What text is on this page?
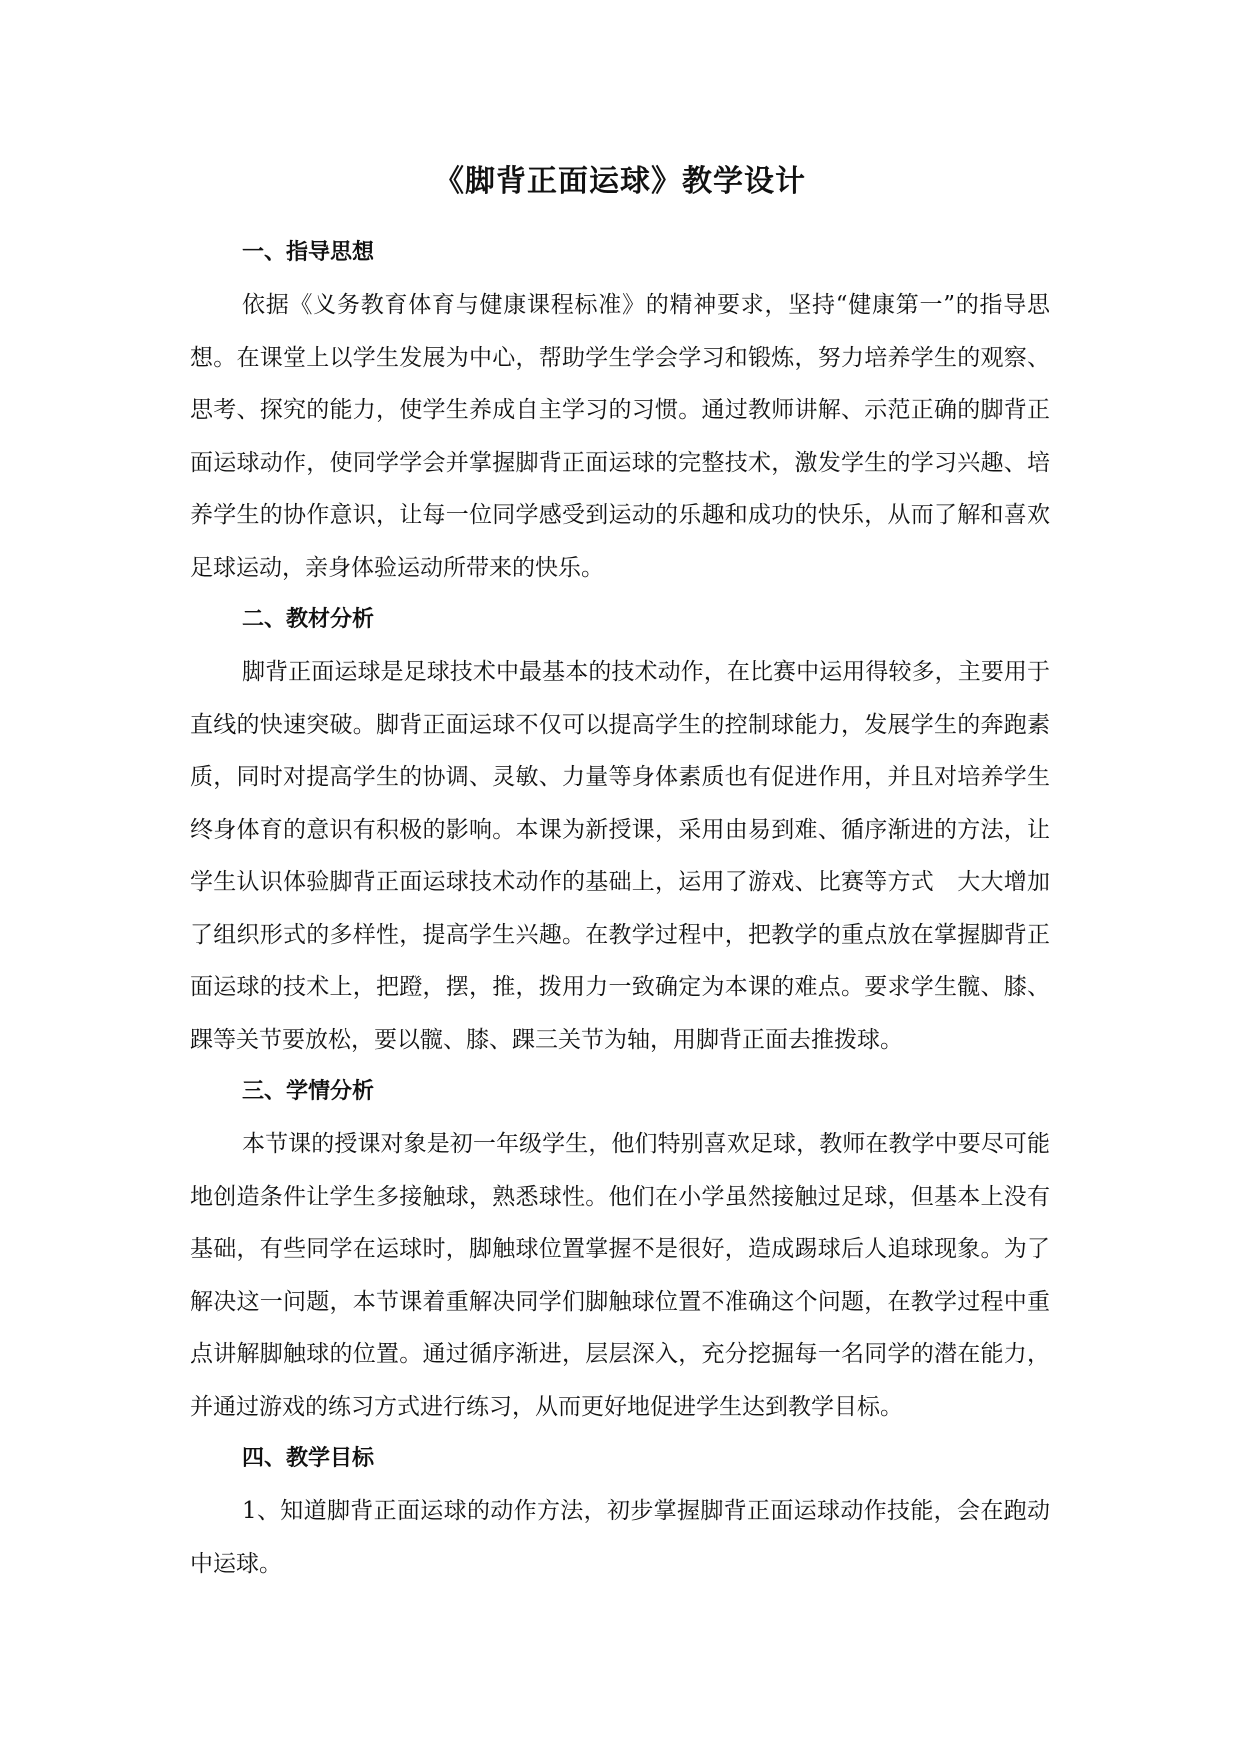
《脚背正面运球》教学设计
一、指导思想

依据《义务教育体育与健康课程标准》的精神要求，坚持“健康第一”的指导思想。在课堂上以学生发展为中心，帮助学生学会学习和锻炼，努力培养学生的观察、思考、探究的能力，使学生养成自主学习的习惯。通过教师讲解、示范正确的脚背正面运球动作，使同学学会并掌握脚背正面运球的完整技术，激发学生的学习兴趣、培养学生的协作意识，让每一位同学感受到运动的乐趣和成功的快乐，从而了解和喜欢足球运动，亲身体验运动所带来的快乐。

二、教材分析

脚背正面运球是足球技术中最基本的技术动作，在比赛中运用得较多，主要用于直线的快速突破。脚背正面运球不仅可以提高学生的控制球能力，发展学生的奔跑素质，同时对提高学生的协调、灵敏、力量等身体素质也有促进作用，并且对培养学生终身体育的意识有积极的影响。本课为新授课，采用由易到难、循序渐进的方法，让学生认识体验脚背正面运球技术动作的基础上，运用了游戏、比赛等方式　大大增加了组织形式的多样性，提高学生兴趣。在教学过程中，把教学的重点放在掌握脚背正面运球的技术上，把蹬，摆，推，拨用力一致确定为本课的难点。要求学生髋、膝、踝等关节要放松，要以髋、膝、踝三关节为轴，用脚背正面去推拨球。

三、学情分析

本节课的授课对象是初一年级学生，他们特别喜欢足球，教师在教学中要尽可能地创造条件让学生多接触球，熟悉球性。他们在小学虽然接触过足球，但基本上没有基础，有些同学在运球时，脚触球位置掌握不是很好，造成踢球后人追球现象。为了解决这一问题，本节课着重解决同学们脚触球位置不准确这个问题，在教学过程中重点讲解脚触球的位置。通过循序渐进，层层深入，充分挖掘每一名同学的潜在能力，并通过游戏的练习方式进行练习，从而更好地促进学生达到教学目标。

四、教学目标

1、知道脚背正面运球的动作方法，初步掌握脚背正面运球动作技能，会在跑动中运球。
